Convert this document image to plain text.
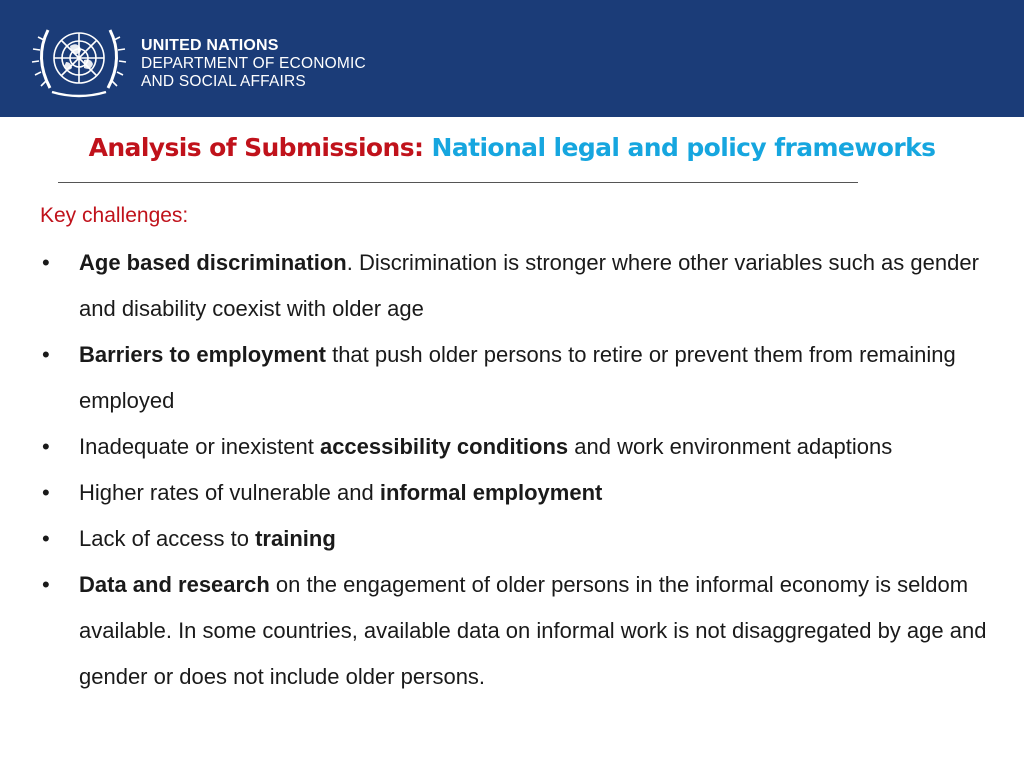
UNITED NATIONS
DEPARTMENT OF ECONOMIC
AND SOCIAL AFFAIRS
Analysis of Submissions: National legal and policy frameworks
Key challenges:
• Age based discrimination. Discrimination is stronger where other variables such as gender and disability coexist with older age
• Barriers to employment that push older persons to retire or prevent them from remaining employed
• Inadequate or inexistent accessibility conditions and work environment adaptions
• Higher rates of vulnerable and informal employment
• Lack of access to training
• Data and research on the engagement of older persons in the informal economy is seldom available. In some countries, available data on informal work is not disaggregated by age and gender or does not include older persons.
